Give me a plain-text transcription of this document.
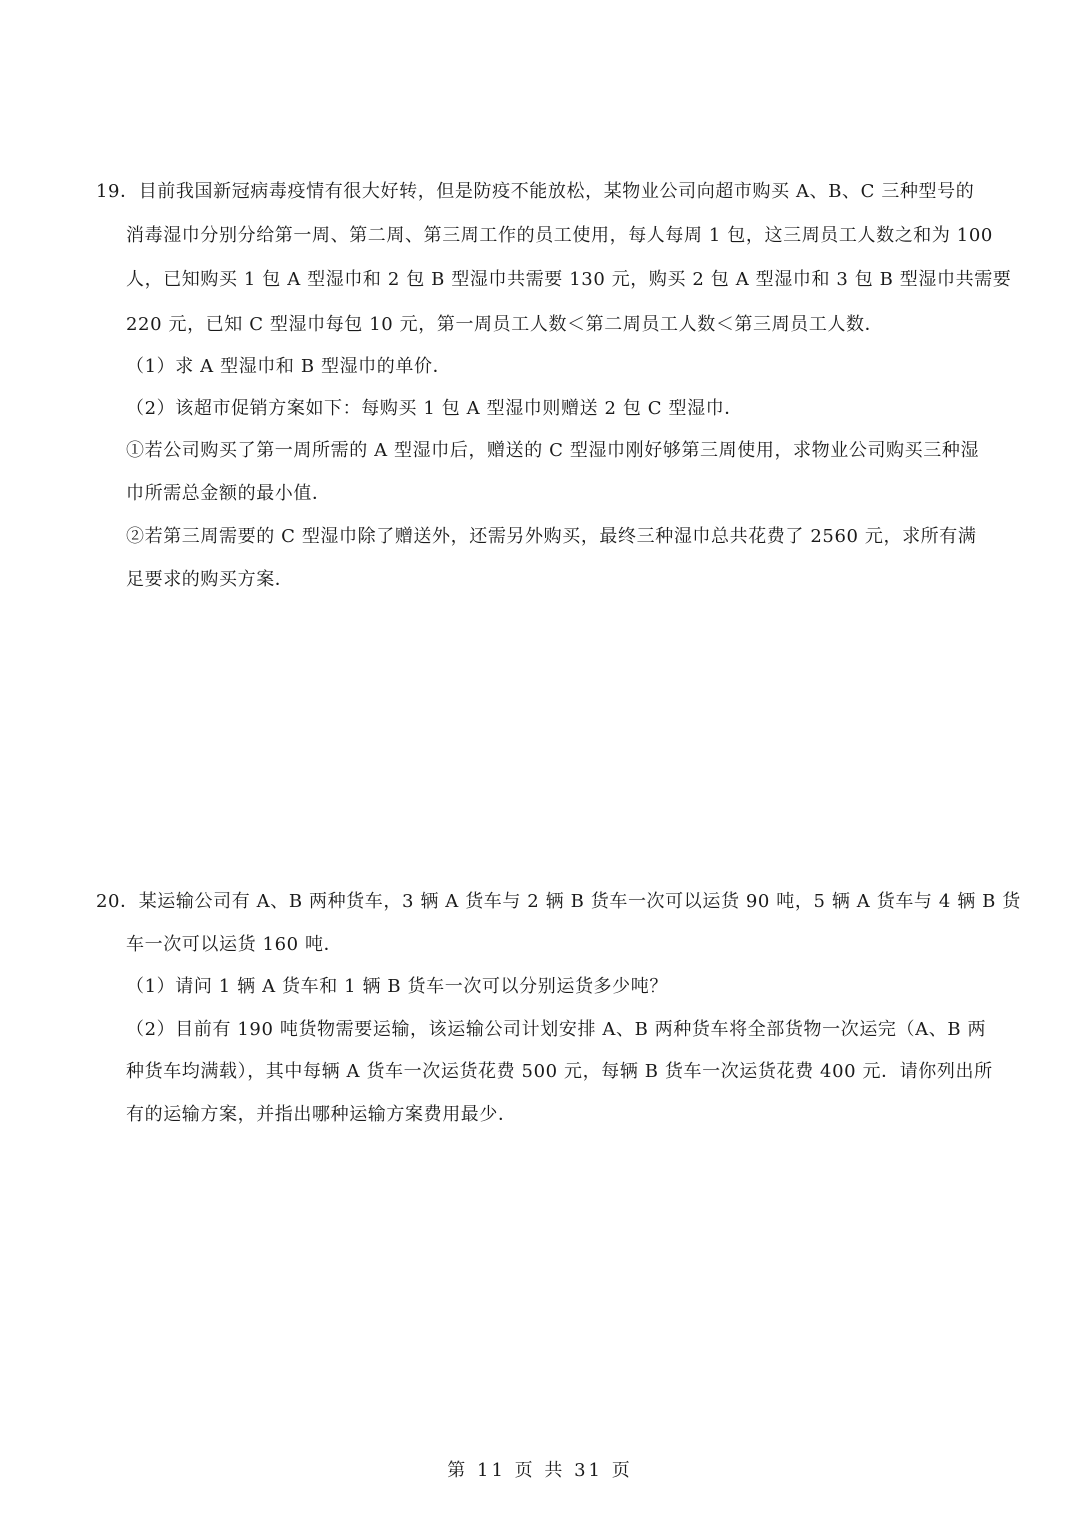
19．目前我国新冠病毒疫情有很大好转，但是防疫不能放松，某物业公司向超市购买 A、B、C 三种型号的
消毒湿巾分别分给第一周、第二周、第三周工作的员工使用，每人每周 1 包，这三周员工人数之和为 100
人，已知购买 1 包 A 型湿巾和 2 包 B 型湿巾共需要 130 元，购买 2 包 A 型湿巾和 3 包 B 型湿巾共需要
220 元，已知 C 型湿巾每包 10 元，第一周员工人数＜第二周员工人数＜第三周员工人数．
（1）求 A 型湿巾和 B 型湿巾的单价．
（2）该超市促销方案如下：每购买 1 包 A 型湿巾则赠送 2 包 C 型湿巾．
①若公司购买了第一周所需的 A 型湿巾后，赠送的 C 型湿巾刚好够第三周使用，求物业公司购买三种湿
巾所需总金额的最小值．
②若第三周需要的 C 型湿巾除了赠送外，还需另外购买，最终三种湿巾总共花费了 2560 元，求所有满
足要求的购买方案．
20．某运输公司有 A、B 两种货车，3 辆 A 货车与 2 辆 B 货车一次可以运货 90 吨，5 辆 A 货车与 4 辆 B 货
车一次可以运货 160 吨．
（1）请问 1 辆 A 货车和 1 辆 B 货车一次可以分别运货多少吨？
（2）目前有 190 吨货物需要运输，该运输公司计划安排 A、B 两种货车将全部货物一次运完（A、B 两
种货车均满载），其中每辆 A 货车一次运货花费 500 元，每辆 B 货车一次运货花费 400 元．请你列出所
有的运输方案，并指出哪种运输方案费用最少．
第 11 页 共 31 页
